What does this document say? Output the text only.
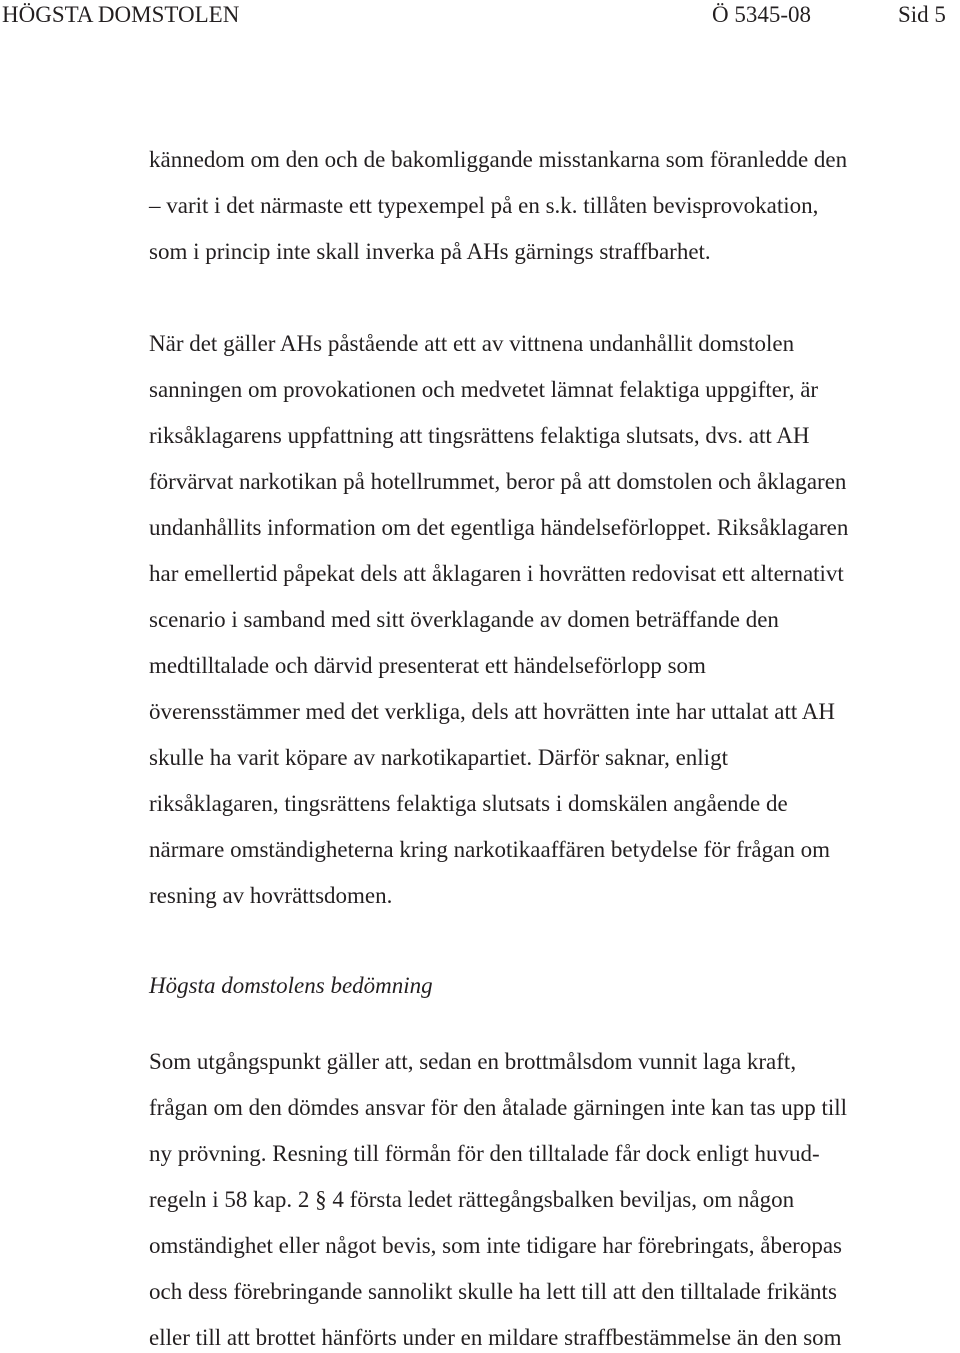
HÖGSTA DOMSTOLEN	Ö 5345-08	Sid 5
kännedom om den och de bakomliggande misstankarna som föranledde den
– varit i det närmaste ett typexempel på en s.k. tillåten bevisprovokation,
som i princip inte skall inverka på AHs gärnings straffbarhet.
När det gäller AHs påstående att ett av vittnena undanhållit domstolen
sanningen om provokationen och medvetet lämnat felaktiga uppgifter, är
riksåklagarens uppfattning att tingsrättens felaktiga slutsats, dvs. att AH
förvärvat narkotikan på hotellrummet, beror på att domstolen och åklagaren
undanhållits information om det egentliga händelseförloppet. Riksåklagaren
har emellertid påpekat dels att åklagaren i hovrätten redovisat ett alternativt
scenario i samband med sitt överklagande av domen beträffande den
medtilltalade och därvid presenterat ett händelseförlopp som
överensstämmer med det verkliga, dels att hovrätten inte har uttalat att AH
skulle ha varit köpare av narkotikapartiet. Därför saknar, enligt
riksåklagaren, tingsrättens felaktiga slutsats i domskälen angående de
närmare omständigheterna kring narkotikaaffären betydelse för frågan om
resning av hovrättsdomen.
Högsta domstolens bedömning
Som utgångspunkt gäller att, sedan en brottmålsdom vunnit laga kraft,
frågan om den dömdes ansvar för den åtalade gärningen inte kan tas upp till
ny prövning. Resning till förmån för den tilltalade får dock enligt huvud-
regeln i 58 kap. 2 § 4 första ledet rättegångsbalken beviljas, om någon
omständighet eller något bevis, som inte tidigare har förebringats, åberopas
och dess förebringande sannolikt skulle ha lett till att den tilltalade frikänts
eller till att brottet hänförts under en mildare straffbestämmelse än den som
